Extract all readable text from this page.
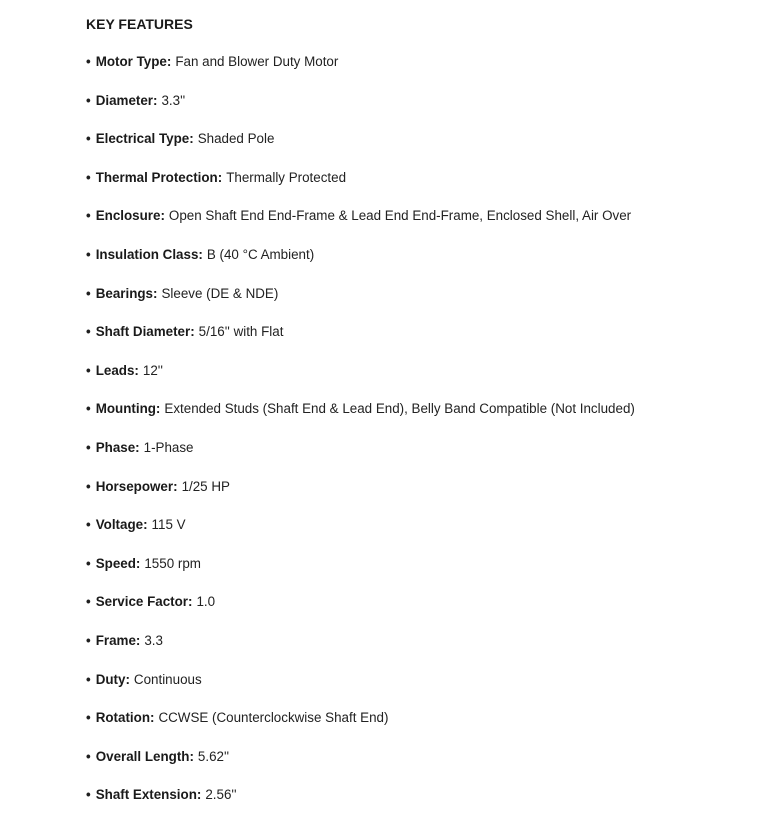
KEY FEATURES
• Motor Type: Fan and Blower Duty Motor
• Diameter: 3.3''
• Electrical Type: Shaded Pole
• Thermal Protection: Thermally Protected
• Enclosure: Open Shaft End End-Frame & Lead End End-Frame, Enclosed Shell, Air Over
• Insulation Class: B (40 °C Ambient)
• Bearings: Sleeve (DE & NDE)
• Shaft Diameter: 5/16'' with Flat
• Leads: 12''
• Mounting: Extended Studs (Shaft End & Lead End), Belly Band Compatible (Not Included)
• Phase: 1-Phase
• Horsepower: 1/25 HP
• Voltage: 115 V
• Speed: 1550 rpm
• Service Factor: 1.0
• Frame: 3.3
• Duty: Continuous
• Rotation: CCWSE (Counterclockwise Shaft End)
• Overall Length: 5.62''
• Shaft Extension: 2.56''
